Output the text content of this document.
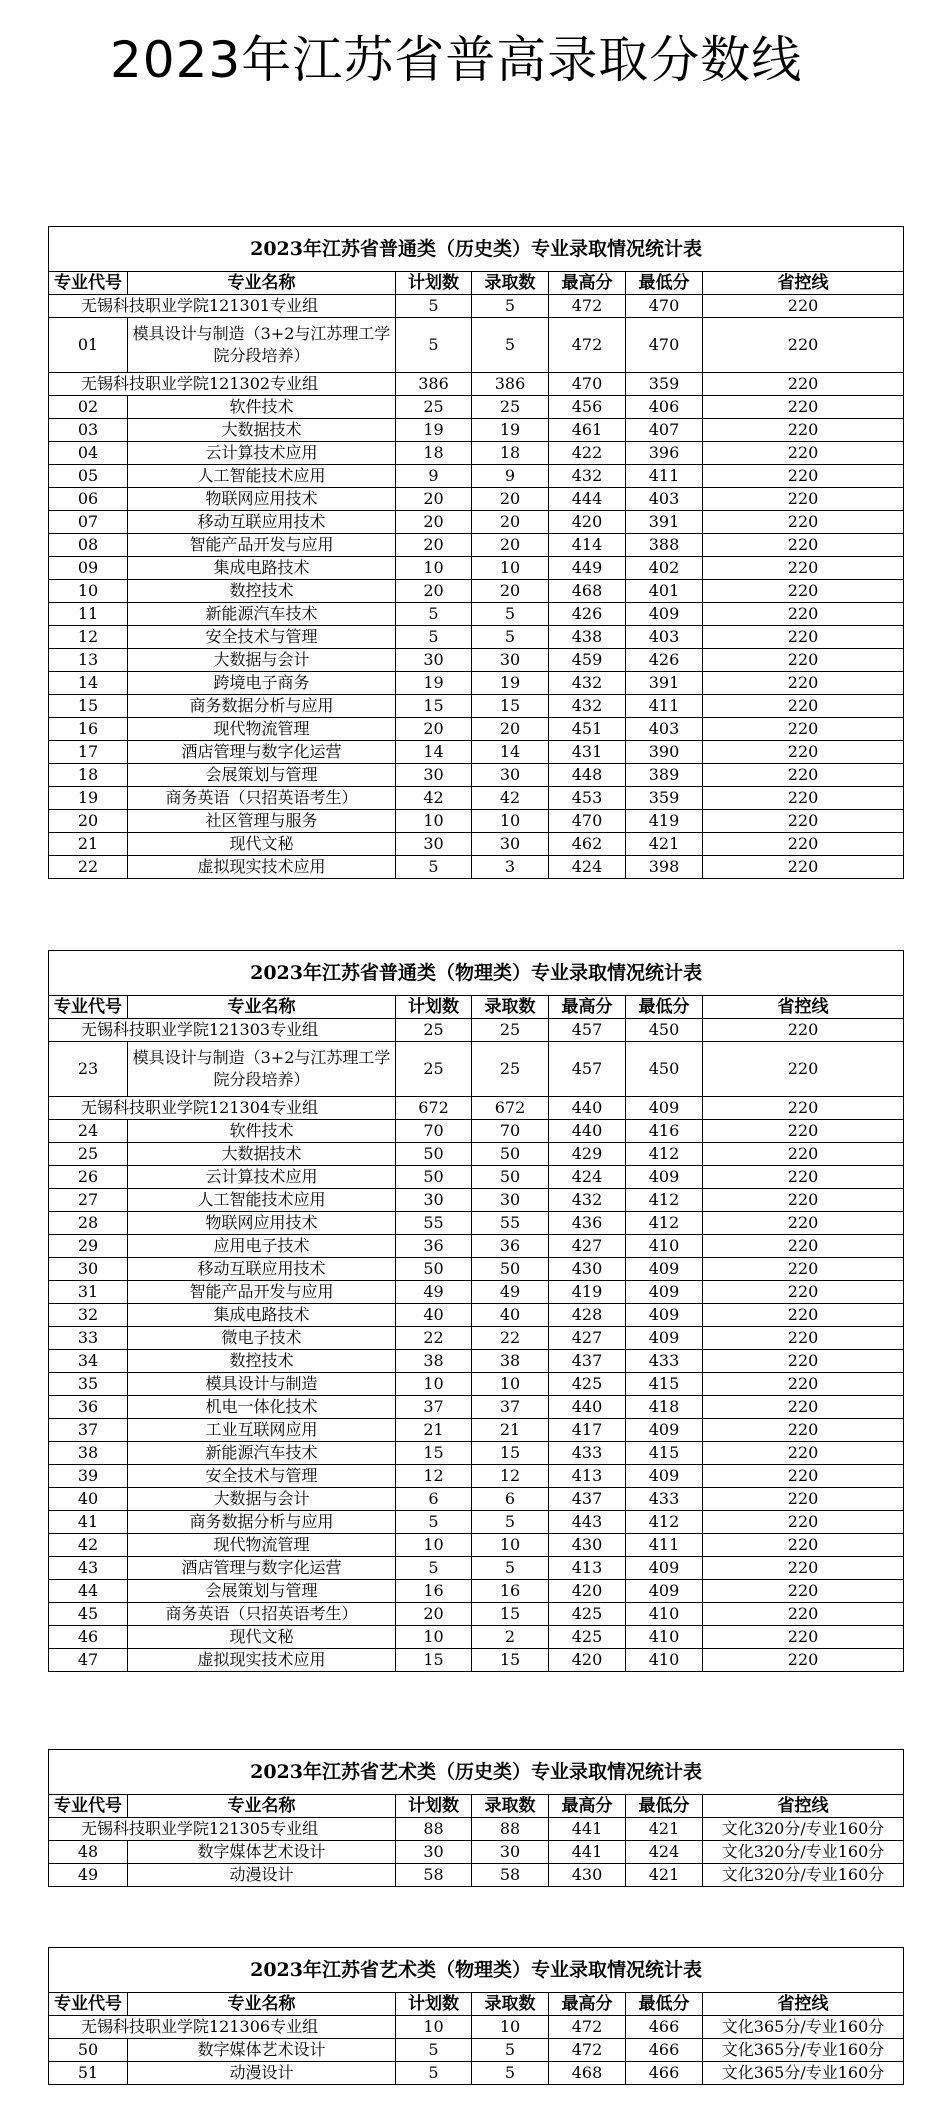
2023年江苏省普高录取分数线
2023年江苏省普通类（历史类）专业录取情况统计表						
专业代号	专业名称	计划数	录取数	最高分	最低分	省控线
无锡科技职业学院121301专业组		5	5	472	470	220
01	模具设计与制造（3+2与江苏理工学院分段培养）	5	5	472	470	220
无锡科技职业学院121302专业组		386	386	470	359	220
02	软件技术	25	25	456	406	220
03	大数据技术	19	19	461	407	220
04	云计算技术应用	18	18	422	396	220
05	人工智能技术应用	9	9	432	411	220
06	物联网应用技术	20	20	444	403	220
07	移动互联应用技术	20	20	420	391	220
08	智能产品开发与应用	20	20	414	388	220
09	集成电路技术	10	10	449	402	220
10	数控技术	20	20	468	401	220
11	新能源汽车技术	5	5	426	409	220
12	安全技术与管理	5	5	438	403	220
13	大数据与会计	30	30	459	426	220
14	跨境电子商务	19	19	432	391	220
15	商务数据分析与应用	15	15	432	411	220
16	现代物流管理	20	20	451	403	220
17	酒店管理与数字化运营	14	14	431	390	220
18	会展策划与管理	30	30	448	389	220
19	商务英语（只招英语考生）	42	42	453	359	220
20	社区管理与服务	10	10	470	419	220
21	现代文秘	30	30	462	421	220
22	虚拟现实技术应用	5	3	424	398	220
2023年江苏省普通类（物理类）专业录取情况统计表						
专业代号	专业名称	计划数	录取数	最高分	最低分	省控线
无锡科技职业学院121303专业组		25	25	457	450	220
23	模具设计与制造（3+2与江苏理工学院分段培养）	25	25	457	450	220
无锡科技职业学院121304专业组		672	672	440	409	220
24	软件技术	70	70	440	416	220
25	大数据技术	50	50	429	412	220
26	云计算技术应用	50	50	424	409	220
27	人工智能技术应用	30	30	432	412	220
28	物联网应用技术	55	55	436	412	220
29	应用电子技术	36	36	427	410	220
30	移动互联应用技术	50	50	430	409	220
31	智能产品开发与应用	49	49	419	409	220
32	集成电路技术	40	40	428	409	220
33	微电子技术	22	22	427	409	220
34	数控技术	38	38	437	433	220
35	模具设计与制造	10	10	425	415	220
36	机电一体化技术	37	37	440	418	220
37	工业互联网应用	21	21	417	409	220
38	新能源汽车技术	15	15	433	415	220
39	安全技术与管理	12	12	413	409	220
40	大数据与会计	6	6	437	433	220
41	商务数据分析与应用	5	5	443	412	220
42	现代物流管理	10	10	430	411	220
43	酒店管理与数字化运营	5	5	413	409	220
44	会展策划与管理	16	16	420	409	220
45	商务英语（只招英语考生）	20	15	425	410	220
46	现代文秘	10	2	425	410	220
47	虚拟现实技术应用	15	15	420	410	220
2023年江苏省艺术类（历史类）专业录取情况统计表						
专业代号	专业名称	计划数	录取数	最高分	最低分	省控线
无锡科技职业学院121305专业组		88	88	441	421	文化320分/专业160分
48	数字媒体艺术设计	30	30	441	424	文化320分/专业160分
49	动漫设计	58	58	430	421	文化320分/专业160分
2023年江苏省艺术类（物理类）专业录取情况统计表						
专业代号	专业名称	计划数	录取数	最高分	最低分	省控线
无锡科技职业学院121306专业组		10	10	472	466	文化365分/专业160分
50	数字媒体艺术设计	5	5	472	466	文化365分/专业160分
51	动漫设计	5	5	468	466	文化365分/专业160分
